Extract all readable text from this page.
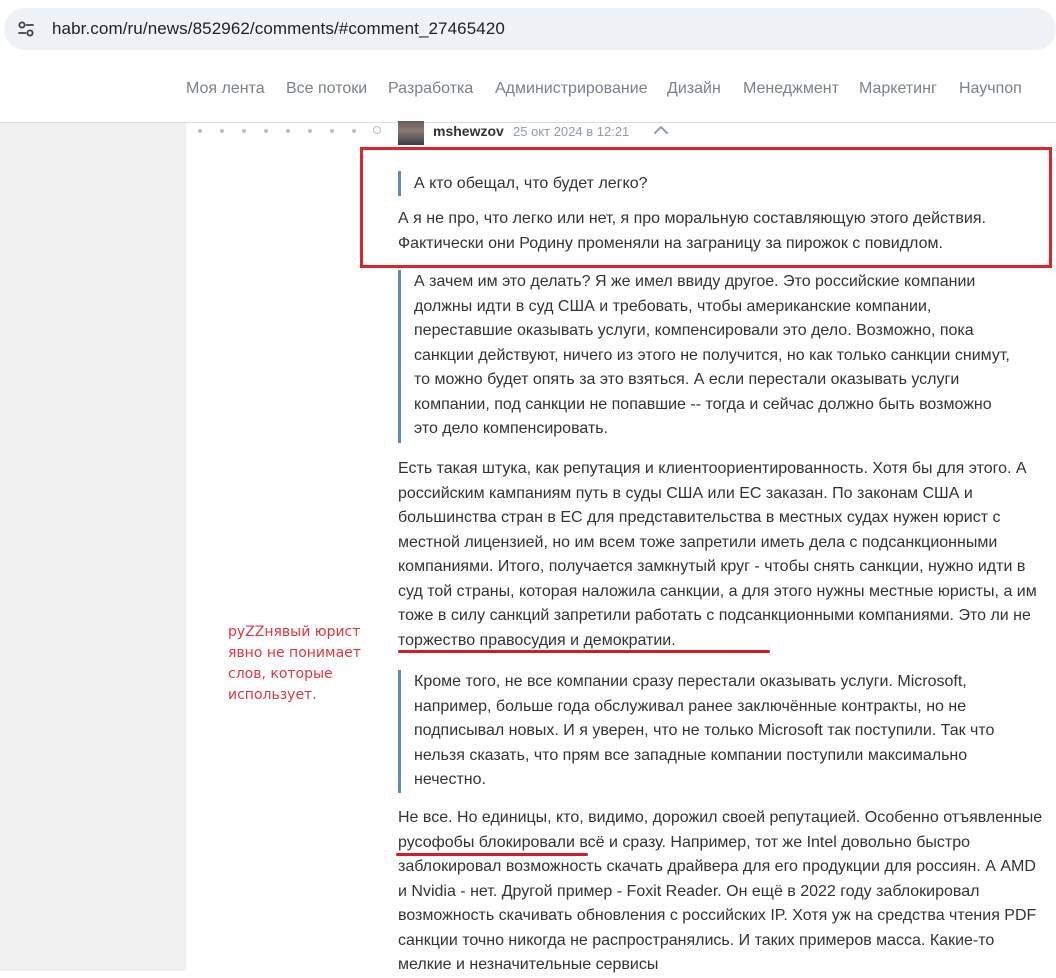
habr.com/ru/news/852962/comments/#comment_27465420
Моя лента Все потоки Разработка Администрирование Дизайн Менеджмент Маркетинг Научпоп
mshewzov 25 окт 2024 в 12:21

А кто обещал, что будет легко?

А я не про, что легко или нет, я про моральную составляющую этого действия. Фактически они Родину променяли на заграницу за пирожок с повидлом.

А зачем им это делать? Я же имел ввиду другое. Это российские компании должны идти в суд США и требовать, чтобы американские компании, переставшие оказывать услуги, компенсировали это дело. Возможно, пока санкции действуют, ничего из этого не получится, но как только санкции снимут, то можно будет опять за это взяться. А если перестали оказывать услуги компании, под санкции не попавшие -- тогда и сейчас должно быть возможно это дело компенсировать.

Есть такая штука, как репутация и клиентоориентированность. Хотя бы для этого. А российским кампаниям путь в суды США или ЕС заказан. По законам США и большинства стран в ЕС для представительства в местных судах нужен юрист с местной лицензией, но им всем тоже запретили иметь дела с подсанкционными компаниями. Итого, получается замкнутый круг - чтобы снять санкции, нужно идти в суд той страны, которая наложила санкции, а для этого нужны местные юристы, а им тоже в силу санкций запретили работать с подсанкционными компаниями. Это ли не торжество правосудия и демократии.

Кроме того, не все компании сразу перестали оказывать услуги. Microsoft, например, больше года обслуживал ранее заключённые контракты, но не подписывал новых. И я уверен, что не только Microsoft так поступили. Так что нельзя сказать, что прям все западные компании поступили максимально нечестно.

Не все. Но единицы, кто, видимо, дорожил своей репутацией. Особенно отъявленные русофобы блокировали всё и сразу. Например, тот же Intel довольно быстро заблокировал возможность скачать драйвера для его продукции для россиян. А AMD и Nvidia - нет. Другой пример - Foxit Reader. Он ещё в 2022 году заблокировал возможность скачивать обновления с российских IP. Хотя уж на средства чтения PDF санкции точно никогда не распространялись. И таких примеров масса. Какие-то мелкие и незначительные сервисы

руZZнявый юрист явно не понимает слов, которые использует.
